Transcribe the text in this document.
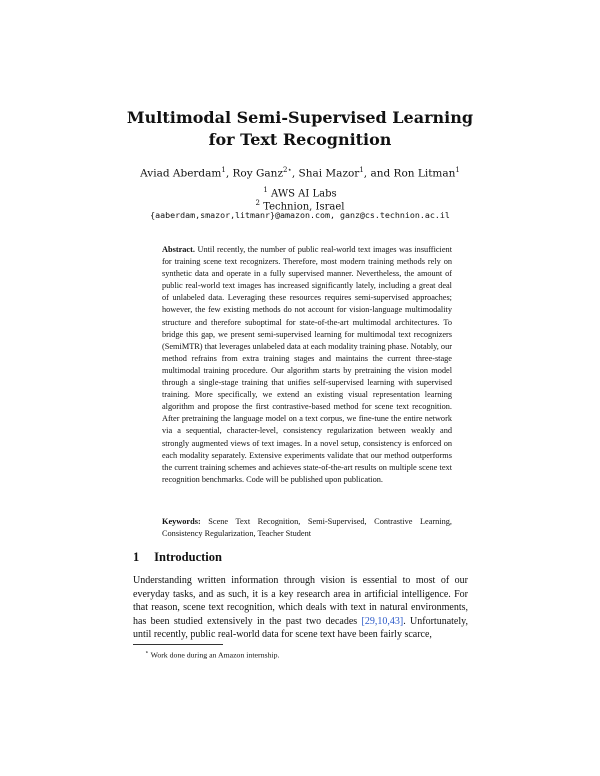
Multimodal Semi-Supervised Learning for Text Recognition
Aviad Aberdam$^1$, Roy Ganz$^{2⋆}$, Shai Mazor$^1$, and Ron Litman$^1$
$^1$ AWS AI Labs
$^2$ Technion, Israel
{aaberdam,smazor,litmanr}@amazon.com, ganz@cs.technion.ac.il
Abstract. Until recently, the number of public real-world text images was insufficient for training scene text recognizers. Therefore, most modern training methods rely on synthetic data and operate in a fully supervised manner. Nevertheless, the amount of public real-world text images has increased significantly lately, including a great deal of unlabeled data. Leveraging these resources requires semi-supervised approaches; however, the few existing methods do not account for vision-language multimodality structure and therefore suboptimal for state-of-the-art multimodal architectures. To bridge this gap, we present semi-supervised learning for multimodal text recognizers (SemiMTR) that leverages unlabeled data at each modality training phase. Notably, our method refrains from extra training stages and maintains the current three-stage multimodal training procedure. Our algorithm starts by pretraining the vision model through a single-stage training that unifies self-supervised learning with supervised training. More specifically, we extend an existing visual representation learning algorithm and propose the first contrastive-based method for scene text recognition. After pretraining the language model on a text corpus, we fine-tune the entire network via a sequential, character-level, consistency regularization between weakly and strongly augmented views of text images. In a novel setup, consistency is enforced on each modality separately. Extensive experiments validate that our method outperforms the current training schemes and achieves state-of-the-art results on multiple scene text recognition benchmarks. Code will be published upon publication.
Keywords: Scene Text Recognition, Semi-Supervised, Contrastive Learning, Consistency Regularization, Teacher Student
1 Introduction
Understanding written information through vision is essential to most of our everyday tasks, and as such, it is a key research area in artificial intelligence. For that reason, scene text recognition, which deals with text in natural environments, has been studied extensively in the past two decades [29,10,43]. Unfortunately, until recently, public real-world data for scene text have been fairly scarce,
⋆ Work done during an Amazon internship.
